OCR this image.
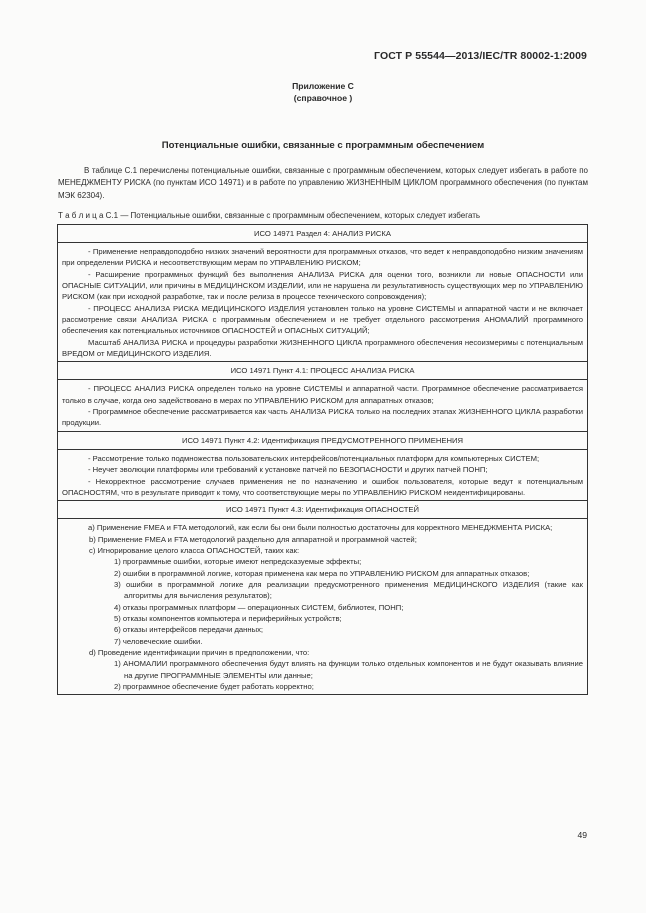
ГОСТ Р 55544—2013/IEC/TR 80002-1:2009
Приложение С
(справочное )
Потенциальные ошибки, связанные с программным обеспечением

В таблице С.1 перечислены потенциальные ошибки, связанные с программным обеспечением, которых следует избегать в работе по МЕНЕДЖМЕНТУ РИСКА (по пунктам ИСО 14971) и в работе по управлению ЖИЗНЕННЫМ ЦИКЛОМ программного обеспечения (по пунктам МЭК 62304).

Т а б л и ц а С.1 — Потенциальные ошибки, связанные с программным обеспечением, которых следует избегать
ИСО 14971 Раздел 4: АНАЛИЗ РИСКА

- Применение неправдоподобно низких значений вероятности для программных отказов, что ведет к неправдоподобно низким значениям при определении РИСКА и несоответствующим мерам по УПРАВЛЕНИЮ РИСКОМ;

- Расширение программных функций без выполнения АНАЛИЗА РИСКА для оценки того, возникли ли новые ОПАСНОСТИ или ОПАСНЫЕ СИТУАЦИИ, или причины в МЕДИЦИНСКОМ ИЗДЕЛИИ, или не нарушена ли результативность существующих мер по УПРАВЛЕНИЮ РИСКОМ (как при исходной разработке, так и после релиза в процессе технического сопровождения);

- ПРОЦЕСС АНАЛИЗА РИСКА МЕДИЦИНСКОГО ИЗДЕЛИЯ установлен только на уровне СИСТЕМЫ и аппаратной части и не включает рассмотрение связи АНАЛИЗА РИСКА с программным обеспечением и не требует отдельного рассмотрения АНОМАЛИЙ программного обеспечения как потенциальных источников ОПАСНОСТЕЙ и ОПАСНЫХ СИТУАЦИЙ;

Масштаб АНАЛИЗА РИСКА и процедуры разработки ЖИЗНЕННОГО ЦИКЛА программного обеспечения несоизмеримы с потенциальным ВРЕДОМ от МЕДИЦИНСКОГО ИЗДЕЛИЯ.

ИСО 14971 Пункт 4.1: ПРОЦЕСС АНАЛИЗА РИСКА

- ПРОЦЕСС АНАЛИЗ РИСКА определен только на уровне СИСТЕМЫ и аппаратной части. Программное обеспечение рассматривается только в случае, когда оно задействовано в мерах по УПРАВЛЕНИЮ РИСКОМ для аппаратных отказов;

- Программное обеспечение рассматривается как часть АНАЛИЗА РИСКА только на последних этапах ЖИЗНЕННОГО ЦИКЛА разработки продукции.

ИСО 14971 Пункт 4.2: Идентификация ПРЕДУСМОТРЕННОГО ПРИМЕНЕНИЯ

- Рассмотрение только подмножества пользовательских интерфейсов/потенциальных платформ для компьютерных СИСТЕМ;

- Неучет эволюции платформы или требований к установке патчей по БЕЗОПАСНОСТИ и других патчей ПОНП;

- Некорректное рассмотрение случаев применения не по назначению и ошибок пользователя, которые ведут к потенциальным ОПАСНОСТЯМ, что в результате приводит к тому, что соответствующие меры по УПРАВЛЕНИЮ РИСКОМ неидентифицированы.

ИСО 14971 Пункт 4.3: Идентификация ОПАСНОСТЕЙ

а) Применение FMEA и FTA методологий, как если бы они были полностью достаточны для корректного МЕНЕДЖМЕНТА РИСКА;

b) Применение FMEA и FTA методологий раздельно для аппаратной и программной частей;

с) Игнорирование целого класса ОПАСНОСТЕЙ, таких как:

1) программные ошибки, которые имеют непредсказуемые эффекты;

2) ошибки в программной логике, которая применена как мера по УПРАВЛЕНИЮ РИСКОМ для аппаратных отказов;

3) ошибки в программной логике для реализации предусмотренного применения МЕДИЦИНСКОГО ИЗДЕЛИЯ (такие как алгоритмы для вычисления результатов);

4) отказы программных платформ — операционных СИСТЕМ, библиотек, ПОНП;

5) отказы компонентов компьютера и периферийных устройств;

6) отказы интерфейсов передачи данных;

7) человеческие ошибки.

d) Проведение идентификации причин в предположении, что:

1) АНОМАЛИИ программного обеспечения будут влиять на функции только отдельных компонентов и не будут оказывать влияние на другие ПРОГРАММНЫЕ ЭЛЕМЕНТЫ или данные;

2) программное обеспечение будет работать корректно;

49
